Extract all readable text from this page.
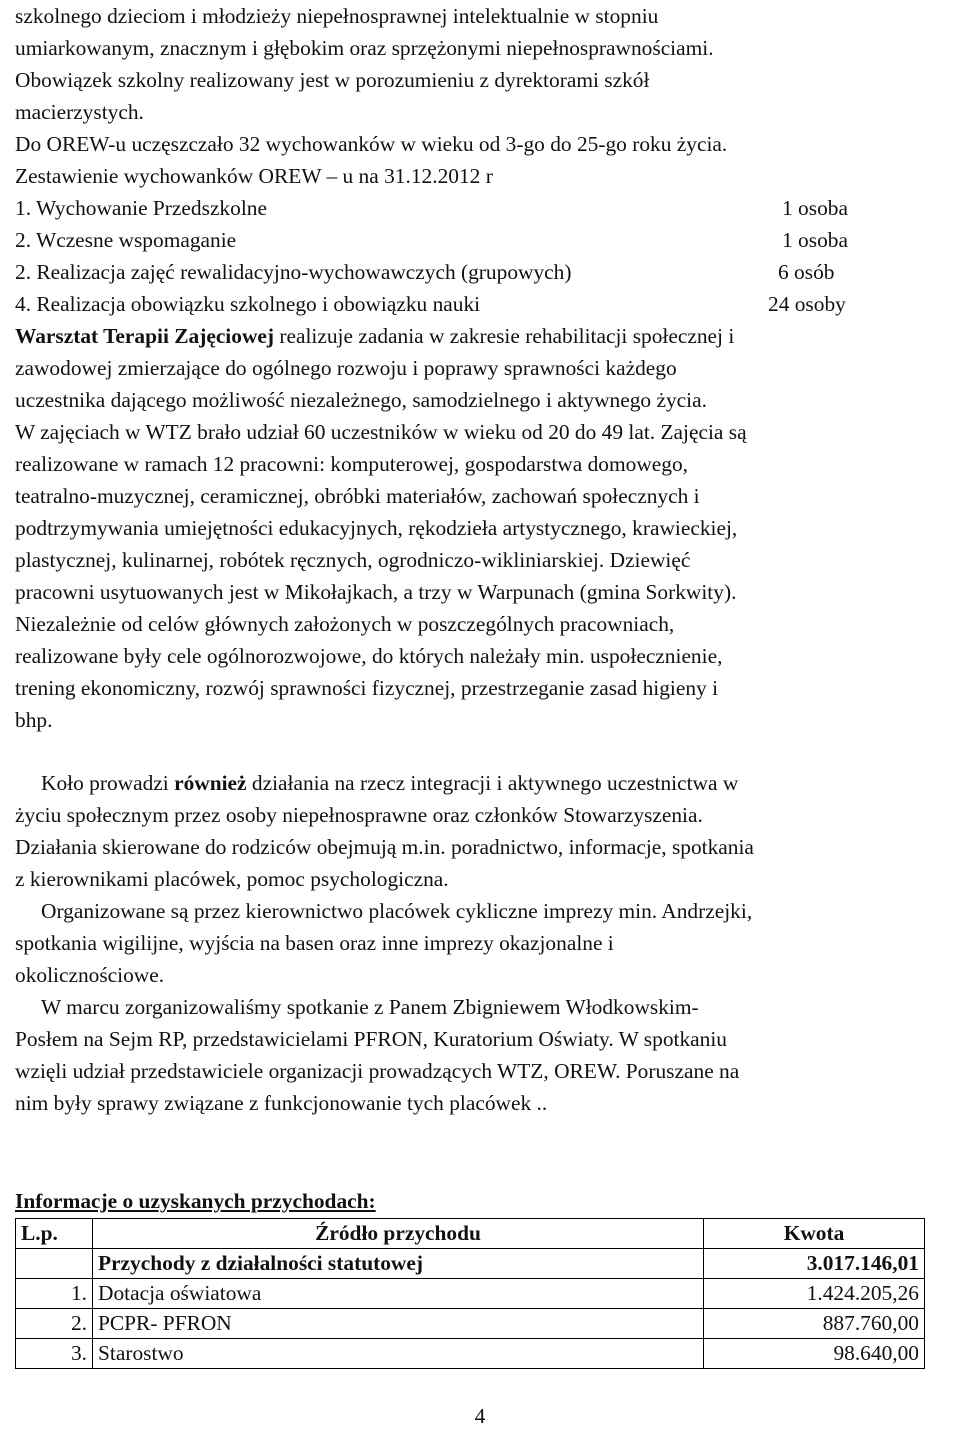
szkolnego dzieciom i młodzieży niepełnosprawnej intelektualnie w stopniu
umiarkowanym, znacznym i głębokim oraz sprzężonymi niepełnosprawnościami.
Obowiązek szkolny realizowany jest w porozumieniu z dyrektorami szkół
macierzystych.
Do OREW-u uczęszczało 32 wychowanków w wieku od 3-go do 25-go roku życia.
Zestawienie wychowanków OREW – u na 31.12.2012 r
1. Wychowanie Przedszkolne	1 osoba
2. Wczesne wspomaganie	1 osoba
2. Realizacja zajęć rewalidacyjno-wychowawczych (grupowych)	6 osób
4. Realizacja obowiązku szkolnego i obowiązku nauki	24 osoby
Warsztat Terapii Zajęciowej realizuje zadania w zakresie rehabilitacji społecznej i
zawodowej zmierzające do ogólnego rozwoju i poprawy sprawności każdego
uczestnika dającego możliwość niezależnego, samodzielnego i aktywnego życia.
W zajęciach w WTZ brało udział 60 uczestników w wieku od 20 do 49 lat. Zajęcia są
realizowane w ramach 12 pracowni: komputerowej, gospodarstwa domowego,
teatralno-muzycznej, ceramicznej, obróbki materiałów, zachowań społecznych i
podtrzymywania umiejętności edukacyjnych, rękodzieła artystycznego, krawieckiej,
plastycznej, kulinarnej, robótek ręcznych, ogrodniczo-wikliniarskiej. Dziewięć
pracowni usytuowanych jest w Mikołajkach, a trzy w Warpunach (gmina Sorkwity).
Niezależnie od celów głównych założonych w poszczególnych pracowniach,
realizowane były cele ogólnorozwojowe, do których należały min. uspołecznienie,
trening ekonomiczny, rozwój sprawności fizycznej, przestrzeganie zasad higieny i
bhp.
Koło prowadzi również działania na rzecz integracji i aktywnego uczestnictwa w
życiu społecznym przez osoby niepełnosprawne oraz członków Stowarzyszenia.
Działania skierowane do rodziców obejmują m.in. poradnictwo, informacje, spotkania
z kierownikami placówek, pomoc psychologiczna.
Organizowane są przez kierownictwo placówek cykliczne imprezy min. Andrzejki,
spotkania wigilijne, wyjścia na basen oraz inne imprezy okazjonalne i
okolicznościowe.
W marcu zorganizowaliśmy spotkanie z Panem Zbigniewem Włodkowskim-
Posłem na Sejm RP, przedstawicielami PFRON, Kuratorium Oświaty. W spotkaniu
wzięli udział przedstawiciele organizacji prowadzących WTZ, OREW. Poruszane na
nim były sprawy związane z funkcjonowanie tych placówek ..
Informacje o uzyskanych przychodach:
L.p.	Źródło przychodu	Kwota
	Przychody z działalności statutowej	3.017.146,01
1.	Dotacja oświatowa	1.424.205,26
2.	PCPR- PFRON	887.760,00
3.	Starostwo	98.640,00
4
